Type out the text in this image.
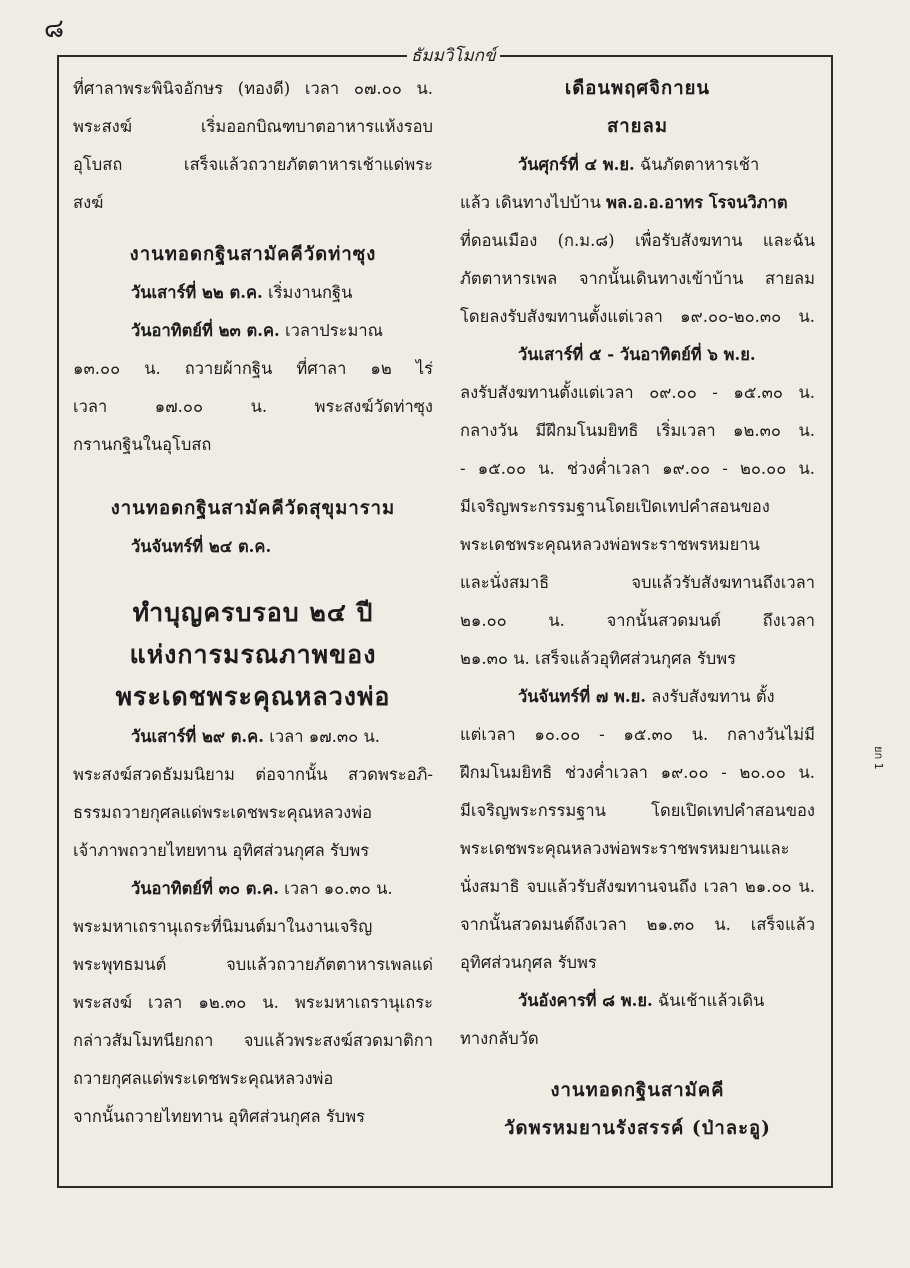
๘
ธัมมวิโมกข์
ยก 1
ที่ศาลาพระพินิจอักษร (ทองดี) เวลา ๐๗.๐๐ น.
พระสงฆ์ เริ่มออกบิณฑบาตอาหารแห้งรอบ
อุโบสถ เสร็จแล้วถวายภัตตาหารเช้าแด่พระ
สงฆ์
งานทอดกฐินสามัคคีวัดท่าซุง
วันเสาร์ที่ ๒๒ ต.ค. เริ่มงานกฐิน
วันอาทิตย์ที่ ๒๓ ต.ค. เวลาประมาณ
๑๓.๐๐ น. ถวายผ้ากฐิน ที่ศาลา ๑๒ ไร่
เวลา ๑๗.๐๐ น. พระสงฆ์วัดท่าซุง
กรานกฐินในอุโบสถ
งานทอดกฐินสามัคคีวัดสุขุมาราม
วันจันทร์ที่ ๒๔ ต.ค.
ทำบุญครบรอบ ๒๔ ปี
แห่งการมรณภาพของ
พระเดชพระคุณหลวงพ่อ
วันเสาร์ที่ ๒๙ ต.ค. เวลา ๑๗.๓๐ น.
พระสงฆ์สวดธัมมนิยาม ต่อจากนั้น สวดพระอภิ-
ธรรมถวายกุศลแด่พระเดชพระคุณหลวงพ่อ
เจ้าภาพถวายไทยทาน อุทิศส่วนกุศล รับพร
วันอาทิตย์ที่ ๓๐ ต.ค. เวลา ๑๐.๓๐ น.
พระมหาเถรานุเถระที่นิมนต์มาในงานเจริญ
พระพุทธมนต์ จบแล้วถวายภัตตาหารเพลแด่
พระสงฆ์ เวลา ๑๒.๓๐ น. พระมหาเถรานุเถระ
กล่าวสัมโมทนียกถา จบแล้วพระสงฆ์สวดมาติกา
ถวายกุศลแด่พระเดชพระคุณหลวงพ่อ
จากนั้นถวายไทยทาน อุทิศส่วนกุศล รับพร
เดือนพฤศจิกายน
สายลม
วันศุกร์ที่ ๔ พ.ย. ฉันภัตตาหารเช้า
แล้ว เดินทางไปบ้าน พล.อ.อ.อาทร โรจนวิภาต
ที่ดอนเมือง (ก.ม.๘) เพื่อรับสังฆทาน และฉัน
ภัตตาหารเพล จากนั้นเดินทางเข้าบ้าน สายลม
โดยลงรับสังฆทานตั้งแต่เวลา ๑๙.๐๐-๒๐.๓๐ น.
วันเสาร์ที่ ๕ - วันอาทิตย์ที่ ๖ พ.ย.
ลงรับสังฆทานตั้งแต่เวลา ๐๙.๐๐ - ๑๕.๓๐ น.
กลางวัน มีฝึกมโนมยิทธิ เริ่มเวลา ๑๒.๓๐ น.
- ๑๕.๐๐ น. ช่วงค่ำเวลา ๑๙.๐๐ - ๒๐.๐๐ น.
มีเจริญพระกรรมฐานโดยเปิดเทปคำสอนของ
พระเดชพระคุณหลวงพ่อพระราชพรหมยาน
และนั่งสมาธิ จบแล้วรับสังฆทานถึงเวลา
๒๑.๐๐ น. จากนั้นสวดมนต์ ถึงเวลา
๒๑.๓๐ น. เสร็จแล้วอุทิศส่วนกุศล รับพร
วันจันทร์ที่ ๗ พ.ย. ลงรับสังฆทาน ตั้ง
แต่เวลา ๑๐.๐๐ - ๑๕.๓๐ น. กลางวันไม่มี
ฝึกมโนมยิทธิ ช่วงค่ำเวลา ๑๙.๐๐ - ๒๐.๐๐ น.
มีเจริญพระกรรมฐาน โดยเปิดเทปคำสอนของ
พระเดชพระคุณหลวงพ่อพระราชพรหมยานและ
นั่งสมาธิ จบแล้วรับสังฆทานจนถึง เวลา ๒๑.๐๐ น.
จากนั้นสวดมนต์ถึงเวลา ๒๑.๓๐ น. เสร็จแล้ว
อุทิศส่วนกุศล รับพร
วันอังคารที่ ๘ พ.ย. ฉันเช้าแล้วเดิน
ทางกลับวัด
งานทอดกฐินสามัคคี
วัดพรหมยานรังสรรค์ (ป่าละอู)
